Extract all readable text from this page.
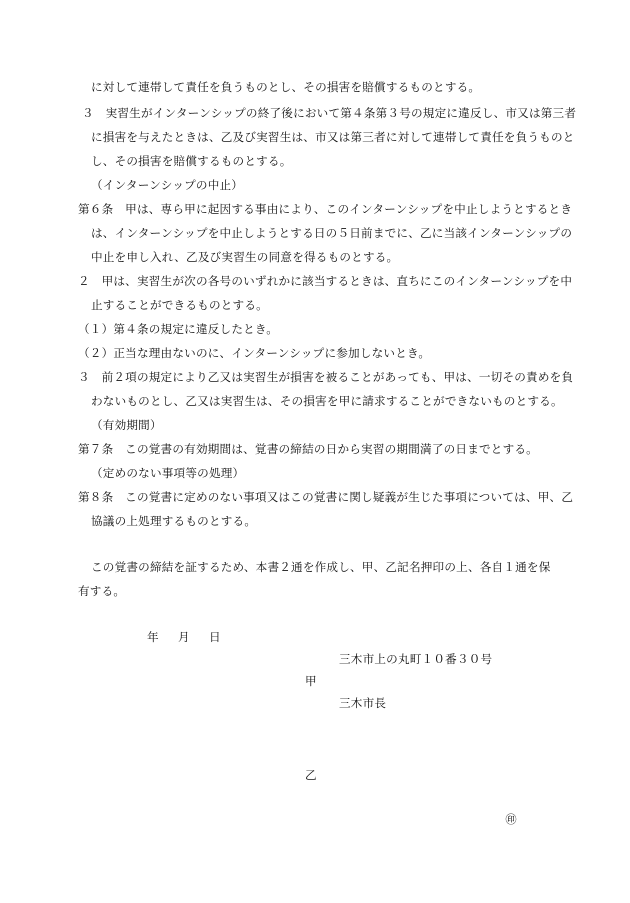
に対して連帯して責任を負うものとし、その損害を賠償するものとする。
３　実習生がインターンシップの終了後において第４条第３号の規定に違反し、市又は第三者
に損害を与えたときは、乙及び実習生は、市又は第三者に対して連帯して責任を負うものと
し、その損害を賠償するものとする。
（インターンシップの中止）
第６条　甲は、専ら甲に起因する事由により、このインターンシップを中止しようとするとき
は、インターンシップを中止しようとする日の５日前までに、乙に当該インターンシップの
中止を申し入れ、乙及び実習生の同意を得るものとする。
２　甲は、実習生が次の各号のいずれかに該当するときは、直ちにこのインターンシップを中
止することができるものとする。
（１）第４条の規定に違反したとき。
（２）正当な理由ないのに、インターンシップに参加しないとき。
３　前２項の規定により乙又は実習生が損害を被ることがあっても、甲は、一切その責めを負
わないものとし、乙又は実習生は、その損害を甲に請求することができないものとする。
（有効期間）
第７条　この覚書の有効期間は、覚書の締結の日から実習の期間満了の日までとする。
（定めのない事項等の処理）
第８条　この覚書に定めのない事項又はこの覚書に関し疑義が生じた事項については、甲、乙
協議の上処理するものとする。
この覚書の締結を証するため、本書２通を作成し、甲、乙記名押印の上、各自１通を保
有する。
年 月 日
三木市上の丸町１０番３０号
甲
三木市長
乙
㊞
